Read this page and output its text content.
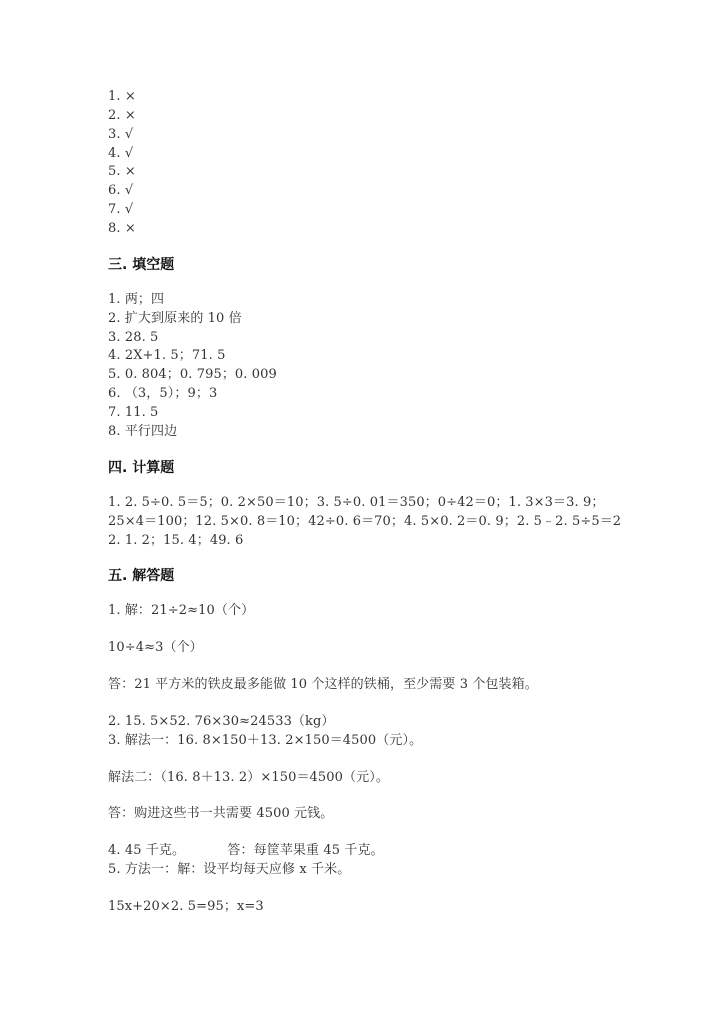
1. ×
2. ×
3. √
4. √
5. ×
6. √
7. √
8. ×
三. 填空题
1. 两；四
2. 扩大到原来的 10 倍
3. 28. 5
4. 2X+1. 5；71. 5
5. 0. 804；0. 795；0. 009
6. （3，5）；9；3
7. 11. 5
8. 平行四边
四. 计算题
1. 2. 5÷0. 5＝5；0. 2×50＝10；3. 5÷0. 01＝350；0÷42＝0；1. 3×3＝3. 9；
25×4＝100；12. 5×0. 8＝10；42÷0. 6＝70；4. 5×0. 2＝0. 9；2. 5﹣2. 5÷5＝2
2. 1. 2；15. 4；49. 6
五. 解答题
1. 解：21÷2≈10（个）
10÷4≈3（个）
答：21 平方米的铁皮最多能做 10 个这样的铁桶，至少需要 3 个包装箱。
2. 15. 5×52. 76×30≈24533（kg）
3. 解法一：16. 8×150＋13. 2×150＝4500（元）。
解法二：（16. 8＋13. 2）×150＝4500（元）。
答：购进这些书一共需要 4500 元钱。
4. 45 千克。          答：每筐苹果重 45 千克。
5. 方法一：解：设平均每天应修 x 千米。
15x+20×2. 5=95；x=3
